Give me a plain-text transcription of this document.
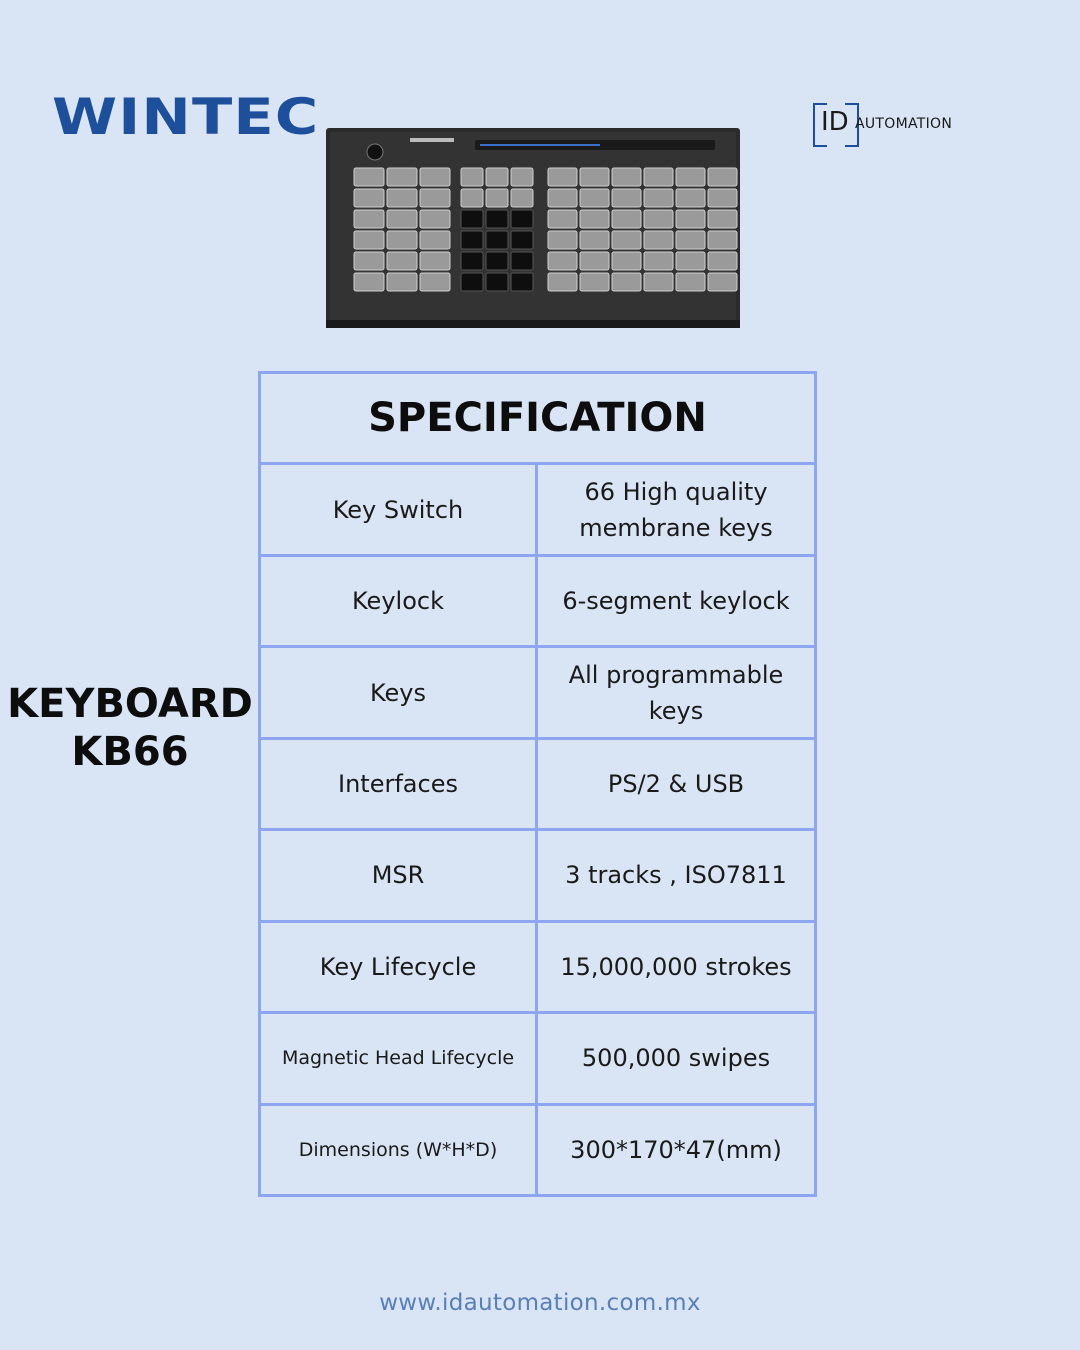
WINTEC	ID AUTOMATION
KEYBOARD
KB66
SPECIFICATION	
Key Switch	66 High quality membrane keys
Keylock	6-segment keylock
Keys	All programmable keys
Interfaces	PS/2 & USB
MSR	3 tracks , ISO7811
Key Lifecycle	15,000,000 strokes
Magnetic Head Lifecycle	500,000 swipes
Dimensions (W*H*D)	300*170*47(mm)
www.idautomation.com.mx
